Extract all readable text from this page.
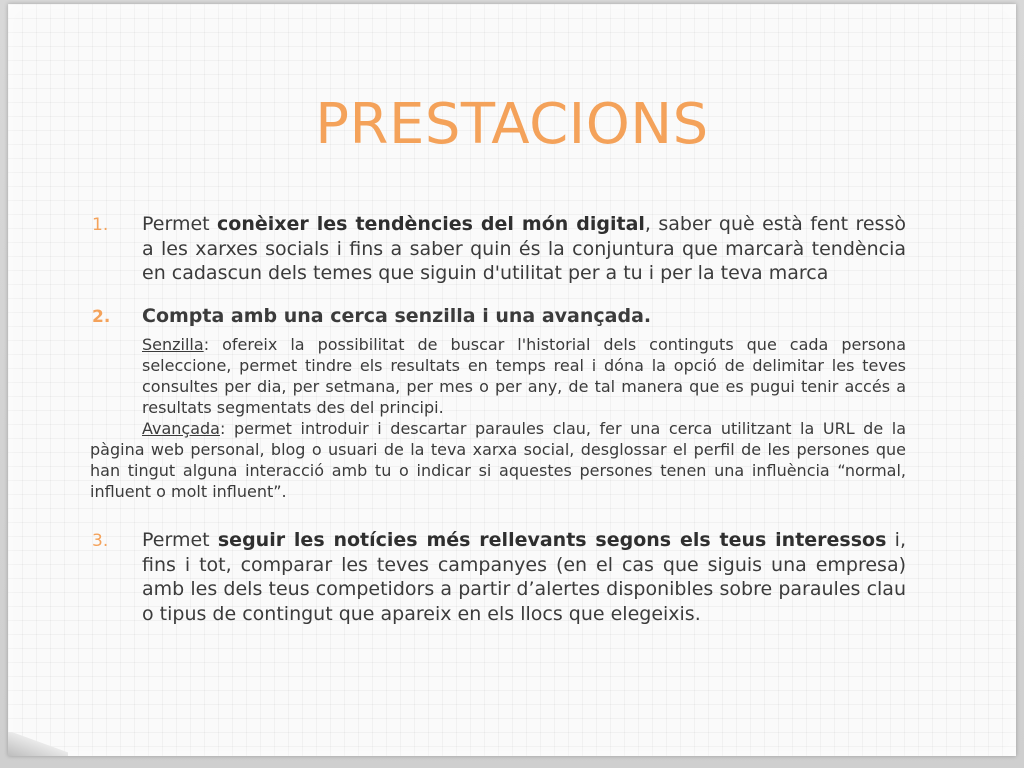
PRESTACIONS
1. Permet conèixer les tendències del món digital, saber què està fent ressò a les xarxes socials i fins a saber quin és la conjuntura que marcarà tendència en cadascun dels temes que siguin d'utilitat per a tu i per la teva marca
2. Compta amb una cerca senzilla i una avançada.
Senzilla: ofereix la possibilitat de buscar l'historial dels continguts que cada persona seleccione, permet tindre els resultats en temps real i dóna la opció de delimitar les teves consultes per dia, per setmana, per mes o per any, de tal manera que es pugui tenir accés a resultats segmentats des del principi.
Avançada: permet introduir i descartar paraules clau, fer una cerca utilitzant la URL de la pàgina web personal, blog o usuari de la teva xarxa social, desglossar el perfil de les persones que han tingut alguna interacció amb tu o indicar si aquestes persones tenen una influència “normal, influent o molt influent”.
3. Permet seguir les notícies més rellevants segons els teus interessos i, fins i tot, comparar les teves campanyes (en el cas que siguis una empresa) amb les dels teus competidors a partir d’alertes disponibles sobre paraules clau o tipus de contingut que apareix en els llocs que elegeixis.
